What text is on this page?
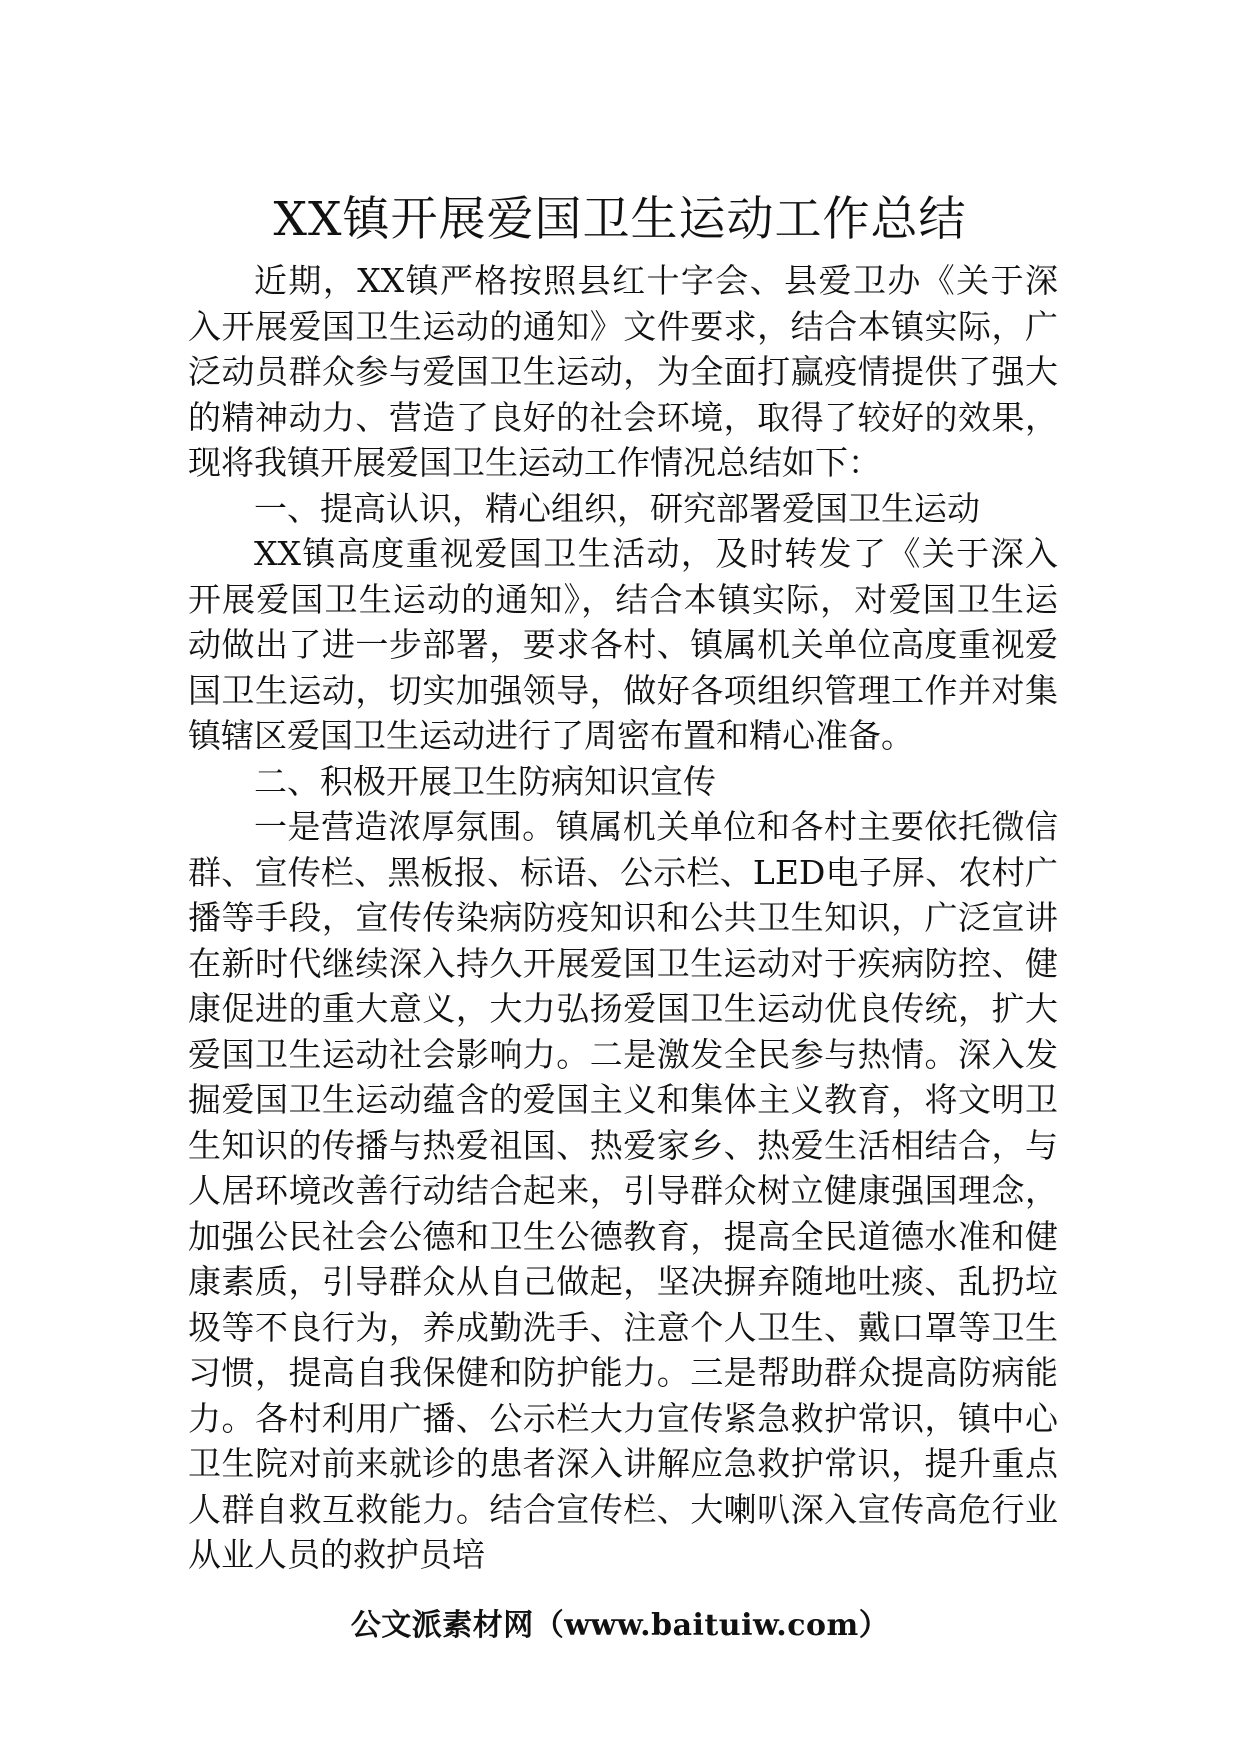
XX镇开展爱国卫生运动工作总结

近期，XX镇严格按照县红十字会、县爱卫办《关于深入开展爱国卫生运动的通知》文件要求，结合本镇实际，广泛动员群众参与爱国卫生运动，为全面打赢疫情提供了强大的精神动力、营造了良好的社会环境，取得了较好的效果，现将我镇开展爱国卫生运动工作情况总结如下：

一、提高认识，精心组织，研究部署爱国卫生运动

XX镇高度重视爱国卫生活动，及时转发了《关于深入开展爱国卫生运动的通知》，结合本镇实际，对爱国卫生运动做出了进一步部署，要求各村、镇属机关单位高度重视爱国卫生运动，切实加强领导，做好各项组织管理工作并对集镇辖区爱国卫生运动进行了周密布置和精心准备。

二、积极开展卫生防病知识宣传

一是营造浓厚氛围。镇属机关单位和各村主要依托微信群、宣传栏、黑板报、标语、公示栏、LED电子屏、农村广播等手段，宣传传染病防疫知识和公共卫生知识，广泛宣讲在新时代继续深入持久开展爱国卫生运动对于疾病防控、健康促进的重大意义，大力弘扬爱国卫生运动优良传统，扩大爱国卫生运动社会影响力。二是激发全民参与热情。深入发掘爱国卫生运动蕴含的爱国主义和集体主义教育，将文明卫生知识的传播与热爱祖国、热爱家乡、热爱生活相结合，与人居环境改善行动结合起来，引导群众树立健康强国理念，加强公民社会公德和卫生公德教育，提高全民道德水准和健康素质，引导群众从自己做起，坚决摒弃随地吐痰、乱扔垃圾等不良行为，养成勤洗手、注意个人卫生、戴口罩等卫生习惯，提高自我保健和防护能力。三是帮助群众提高防病能力。各村利用广播、公示栏大力宣传紧急救护常识，镇中心卫生院对前来就诊的患者深入讲解应急救护常识，提升重点人群自救互救能力。结合宣传栏、大喇叭深入宣传高危行业从业人员的救护员培

公文派素材网（www.baituiw.com）
